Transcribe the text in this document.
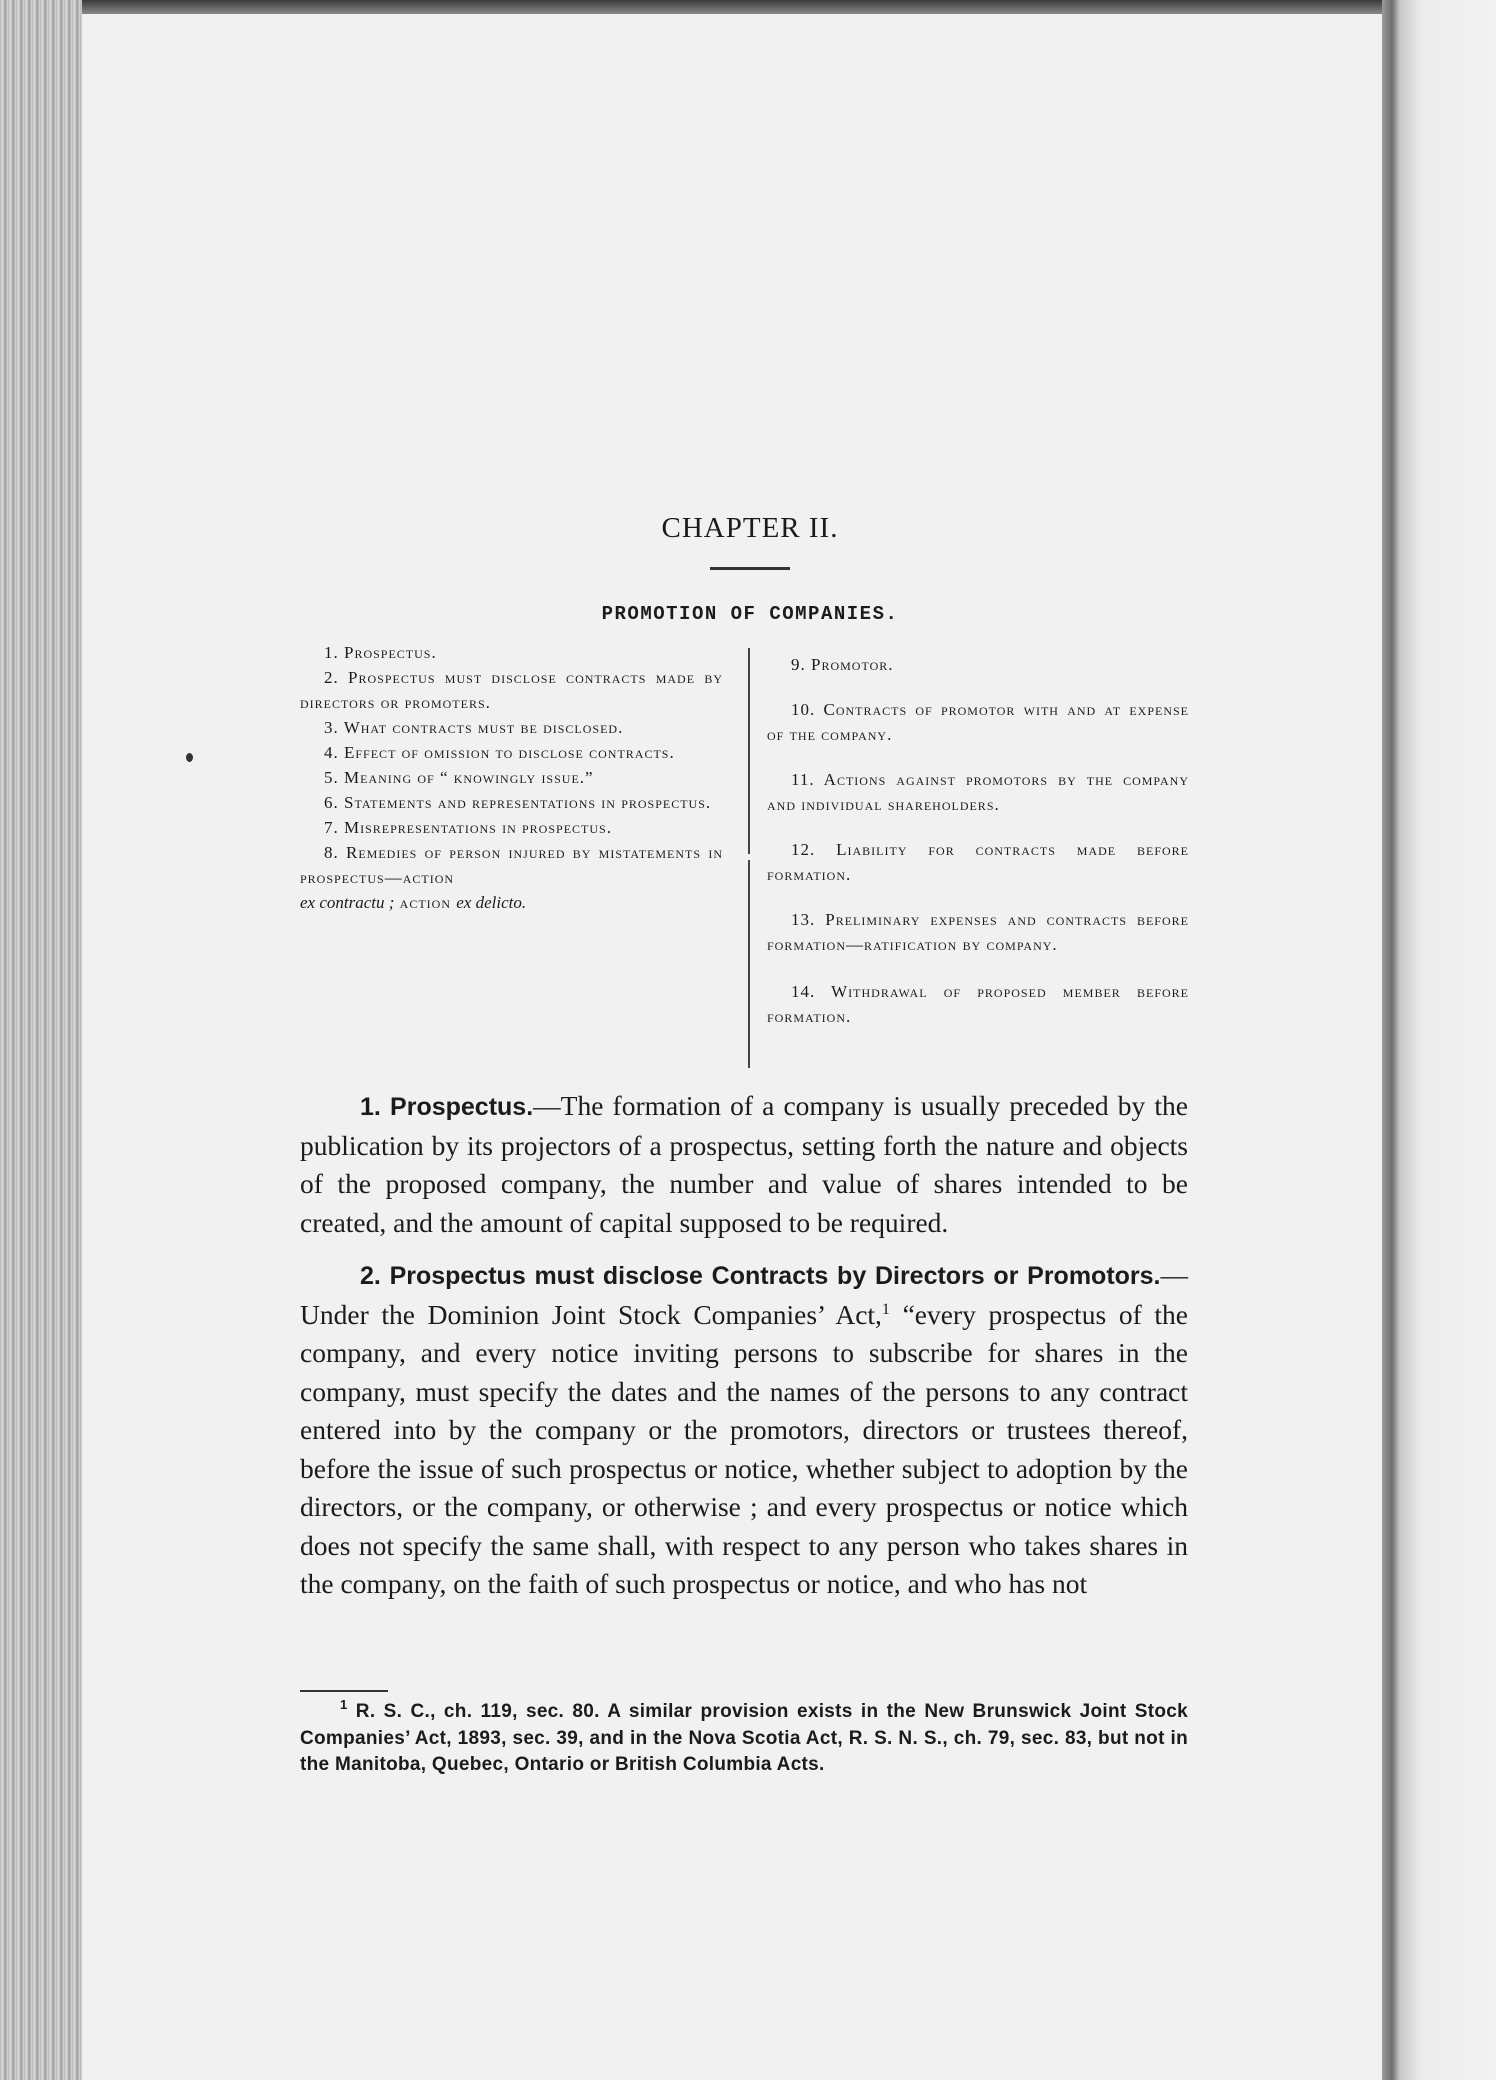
CHAPTER II.
PROMOTION OF COMPANIES.

1. Prospectus.

2. Prospectus must disclose contracts made by directors or promoters.

3. What contracts must be disclosed.

4. Effect of omission to disclose contracts.

5. Meaning of “ knowingly issue.”

6. Statements and representations in prospectus.

7. Misrepresentations in prospectus.

8. Remedies of person injured by mistatements in prospectus—action

ex contractu ; action ex delicto.

9. Promotor.

10. Contracts of promotor with and at expense of the company.

11. Actions against promotors by the company and individual shareholders.

12. Liability for contracts made before formation.

13. Preliminary expenses and contracts before formation—ratification by company.

14. Withdrawal of proposed member before formation.

1. Prospectus.—The formation of a company is usually preceded by the publication by its projectors of a prospectus, setting forth the nature and objects of the proposed company, the number and value of shares intended to be created, and the amount of capital supposed to be required.

2. Prospectus must disclose Contracts by Directors or Promotors.—Under the Dominion Joint Stock Companies’ Act,$^1$ “every prospectus of the company, and every notice inviting persons to subscribe for shares in the company, must specify the dates and the names of the persons to any contract entered into by the company or the promotors, directors or trustees thereof, before the issue of such prospectus or notice, whether subject to adoption by the directors, or the company, or otherwise ; and every prospectus or notice which does not specify the same shall, with respect to any person who takes shares in the company, on the faith of such prospectus or notice, and who has not

$^1$ R. S. C., ch. 119, sec. 80. A similar provision exists in the New Brunswick Joint Stock Companies’ Act, 1893, sec. 39, and in the Nova Scotia Act, R. S. N. S., ch. 79, sec. 83, but not in the Manitoba, Quebec, Ontario or British Columbia Acts.
